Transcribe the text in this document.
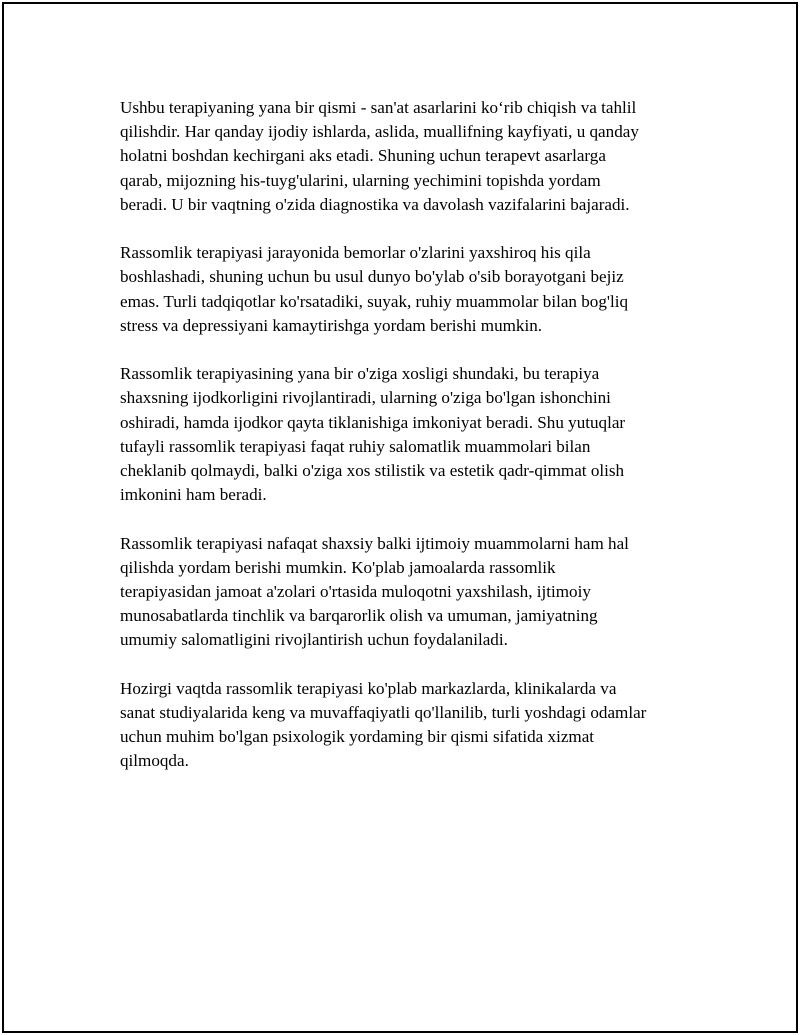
Ushbu terapiyaning yana bir qismi - san'at asarlarini ko‘rib chiqish va tahlil
qilishdir. Har qanday ijodiy ishlarda, aslida, muallifning kayfiyati, u qanday
holatni boshdan kechirgani aks etadi. Shuning uchun terapevt asarlarga
qarab, mijozning his-tuyg'ularini, ularning yechimini topishda yordam
beradi. U bir vaqtning o'zida diagnostika va davolash vazifalarini bajaradi.

Rassomlik terapiyasi jarayonida bemorlar o'zlarini yaxshiroq his qila
boshlashadi, shuning uchun bu usul dunyo bo'ylab o'sib borayotgani bejiz
emas. Turli tadqiqotlar ko'rsatadiki, suyak, ruhiy muammolar bilan bog'liq
stress va depressiyani kamaytirishga yordam berishi mumkin.

Rassomlik terapiyasining yana bir o'ziga xosligi shundaki, bu terapiya
shaxsning ijodkorligini rivojlantiradi, ularning o'ziga bo'lgan ishonchini
oshiradi, hamda ijodkor qayta tiklanishiga imkoniyat beradi. Shu yutuqlar
tufayli rassomlik terapiyasi faqat ruhiy salomatlik muammolari bilan
cheklanib qolmaydi, balki o'ziga xos stilistik va estetik qadr-qimmat olish
imkonini ham beradi.

Rassomlik terapiyasi nafaqat shaxsiy balki ijtimoiy muammolarni ham hal
qilishda yordam berishi mumkin. Ko'plab jamoalarda rassomlik
terapiyasidan jamoat a'zolari o'rtasida muloqotni yaxshilash, ijtimoiy
munosabatlarda tinchlik va barqarorlik olish va umuman, jamiyatning
umumiy salomatligini rivojlantirish uchun foydalaniladi.

Hozirgi vaqtda rassomlik terapiyasi ko'plab markazlarda, klinikalarda va
sanat studiyalarida keng va muvaffaqiyatli qo'llanilib, turli yoshdagi odamlar
uchun muhim bo'lgan psixologik yordaming bir qismi sifatida xizmat
qilmoqda.
